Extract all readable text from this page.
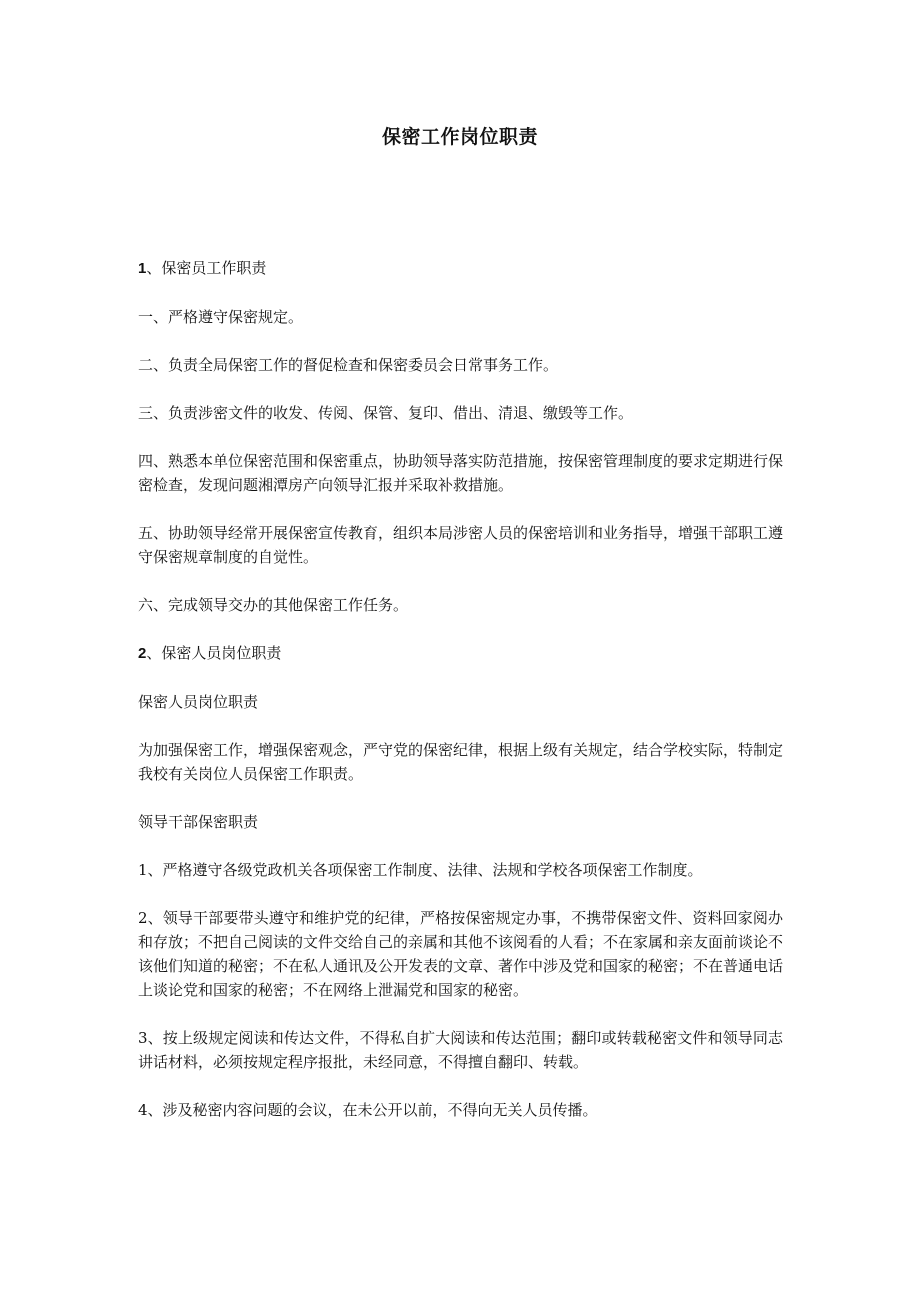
保密工作岗位职责

1、保密员工作职责

一、严格遵守保密规定。

二、负责全局保密工作的督促检查和保密委员会日常事务工作。

三、负责涉密文件的收发、传阅、保管、复印、借出、清退、缴毁等工作。

四、熟悉本单位保密范围和保密重点，协助领导落实防范措施，按保密管理制度的要求定期进行保密检查，发现问题湘潭房产向领导汇报并采取补救措施。

五、协助领导经常开展保密宣传教育，组织本局涉密人员的保密培训和业务指导，增强干部职工遵守保密规章制度的自觉性。

六、完成领导交办的其他保密工作任务。

2、保密人员岗位职责

保密人员岗位职责

为加强保密工作，增强保密观念，严守党的保密纪律，根据上级有关规定，结合学校实际，特制定我校有关岗位人员保密工作职责。

领导干部保密职责

1、严格遵守各级党政机关各项保密工作制度、法律、法规和学校各项保密工作制度。

2、领导干部要带头遵守和维护党的纪律，严格按保密规定办事，不携带保密文件、资料回家阅办和存放；不把自己阅读的文件交给自己的亲属和其他不该阅看的人看；不在家属和亲友面前谈论不该他们知道的秘密；不在私人通讯及公开发表的文章、著作中涉及党和国家的秘密；不在普通电话上谈论党和国家的秘密；不在网络上泄漏党和国家的秘密。

3、按上级规定阅读和传达文件，不得私自扩大阅读和传达范围；翻印或转载秘密文件和领导同志讲话材料，必须按规定程序报批，未经同意，不得擅自翻印、转载。

4、涉及秘密内容问题的会议，在未公开以前，不得向无关人员传播。
